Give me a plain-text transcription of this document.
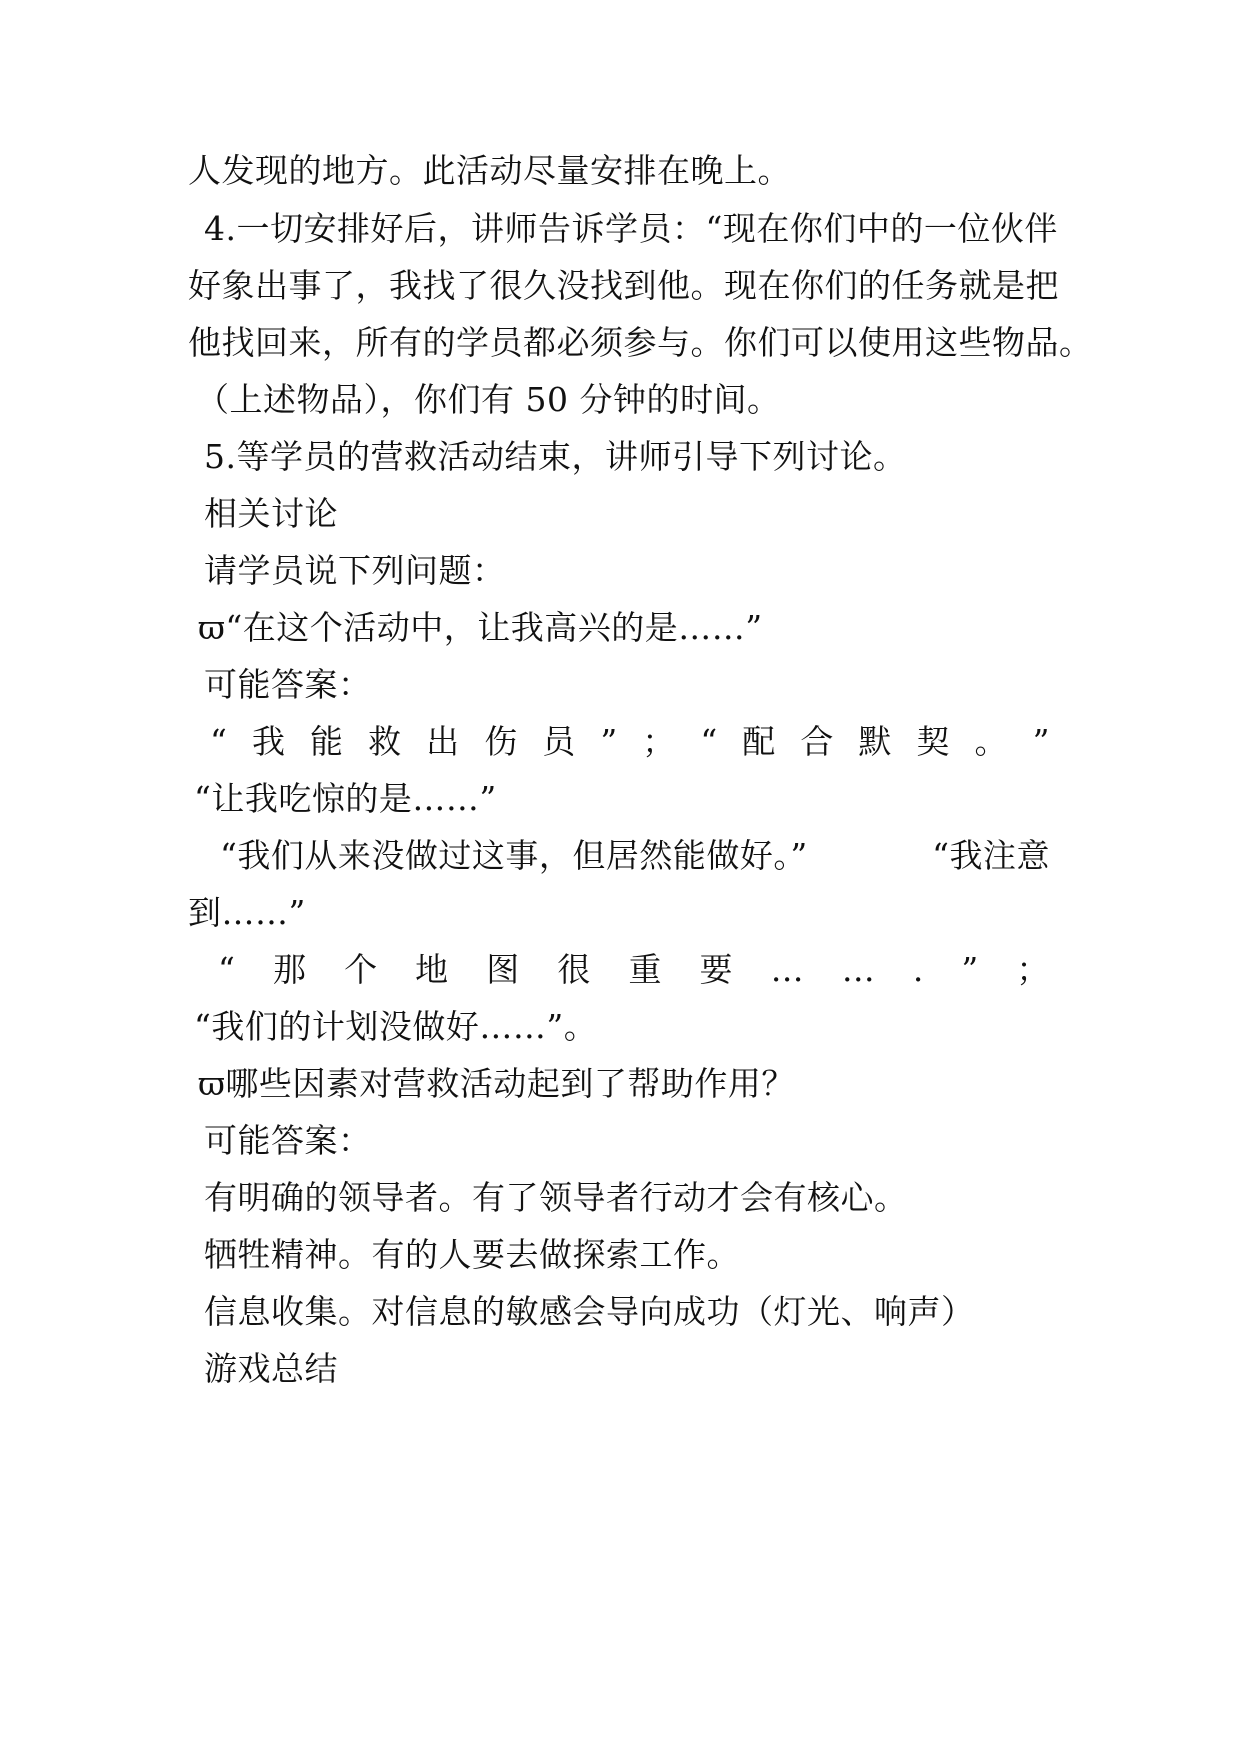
人发现的地方。此活动尽量安排在晚上。
4.一切安排好后，讲师告诉学员：“现在你们中的一位伙伴
好象出事了，我找了很久没找到他。现在你们的任务就是把
他找回来，所有的学员都必须参与。你们可以使用这些物品。
（上述物品），你们有 50 分钟的时间。
5.等学员的营救活动结束，讲师引导下列讨论。
相关讨论
请学员说下列问题：
ϖ“在这个活动中，让我高兴的是……”
可能答案：
“ 我 能 救 出 伤 员 ” ； “ 配 合 默 契 。 ”
“让我吃惊的是……”
“我们从来没做过这事，但居然能做好。”	“我注意
到……”
“ 那 个 地 图 很 重 要 … … . ” ；
“我们的计划没做好……”。
ϖ哪些因素对营救活动起到了帮助作用？
可能答案：
有明确的领导者。有了领导者行动才会有核心。
牺牲精神。有的人要去做探索工作。
信息收集。对信息的敏感会导向成功（灯光、响声）
游戏总结
